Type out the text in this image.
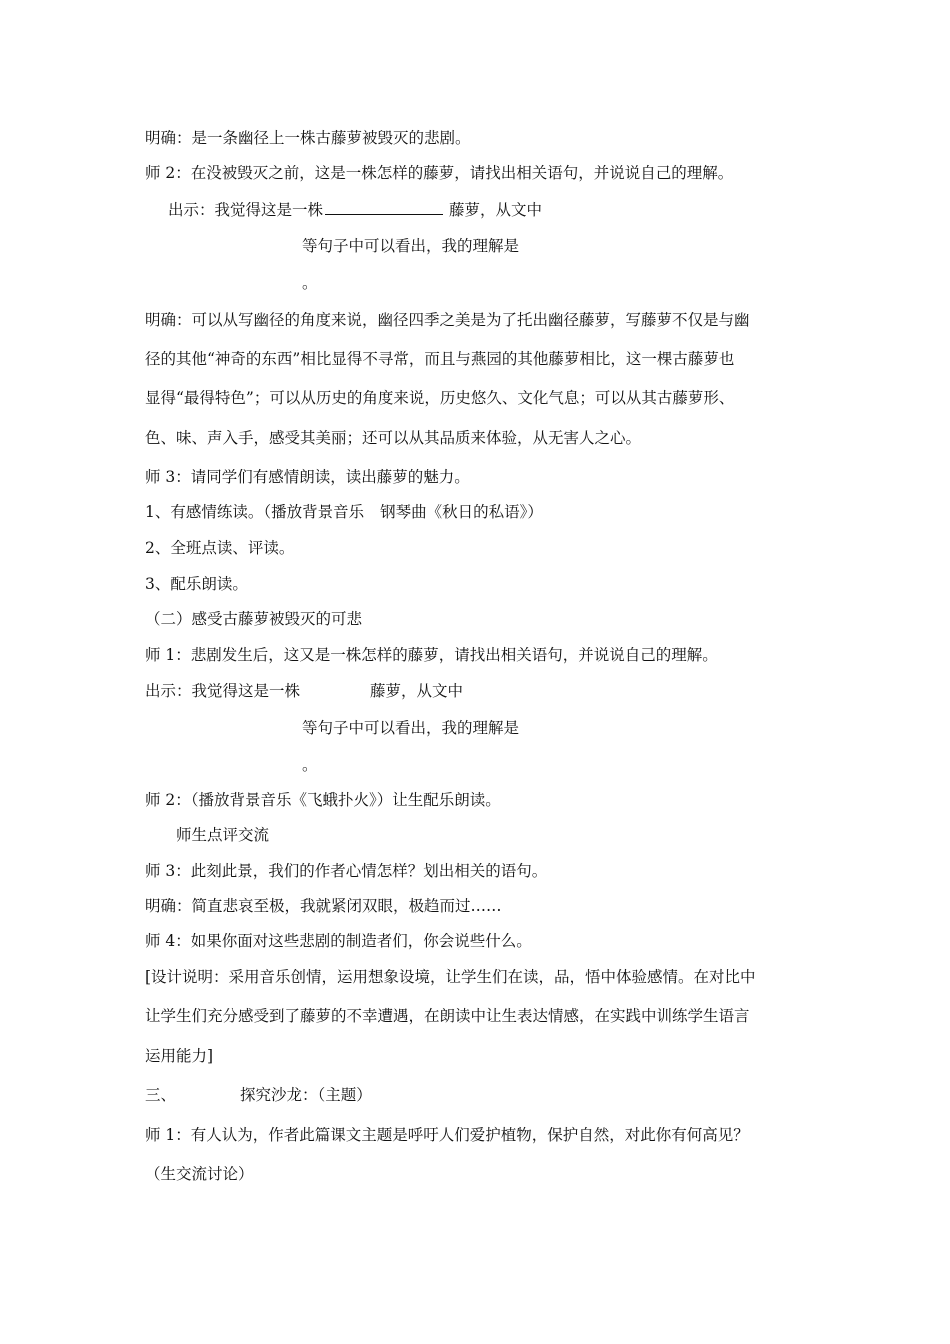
明确：是一条幽径上一株古藤萝被毁灭的悲剧。
师 2：在没被毁灭之前，这是一株怎样的藤萝，请找出相关语句，并说说自己的理解。
出示：我觉得这是一株	藤萝，从文中
等句子中可以看出，我的理解是
。
明确：可以从写幽径的角度来说，幽径四季之美是为了托出幽径藤萝，写藤萝不仅是与幽
径的其他“神奇的东西”相比显得不寻常，而且与燕园的其他藤萝相比，这一棵古藤萝也
显得“最得特色”；可以从历史的角度来说，历史悠久、文化气息；可以从其古藤萝形、
色、味、声入手，感受其美丽；还可以从其品质来体验，从无害人之心。
师 3：请同学们有感情朗读，读出藤萝的魅力。
1、有感情练读。（播放背景音乐 钢琴曲《秋日的私语》）
2、全班点读、评读。
3、配乐朗读。
（二）感受古藤萝被毁灭的可悲
师 1：悲剧发生后，这又是一株怎样的藤萝，请找出相关语句，并说说自己的理解。
出示：我觉得这是一株	藤萝，从文中
等句子中可以看出，我的理解是
。
师 2：（播放背景音乐《飞蛾扑火》）让生配乐朗读。
师生点评交流
师 3：此刻此景，我们的作者心情怎样？划出相关的语句。
明确：简直悲哀至极，我就紧闭双眼，极趋而过……
师 4：如果你面对这些悲剧的制造者们，你会说些什么。
[设计说明：采用音乐创情，运用想象设境，让学生们在读，品，悟中体验感情。在对比中
让学生们充分感受到了藤萝的不幸遭遇，在朗读中让生表达情感，在实践中训练学生语言
运用能力]
三、	探究沙龙：（主题）
师 1：有人认为，作者此篇课文主题是呼吁人们爱护植物，保护自然，对此你有何高见？
（生交流讨论）
